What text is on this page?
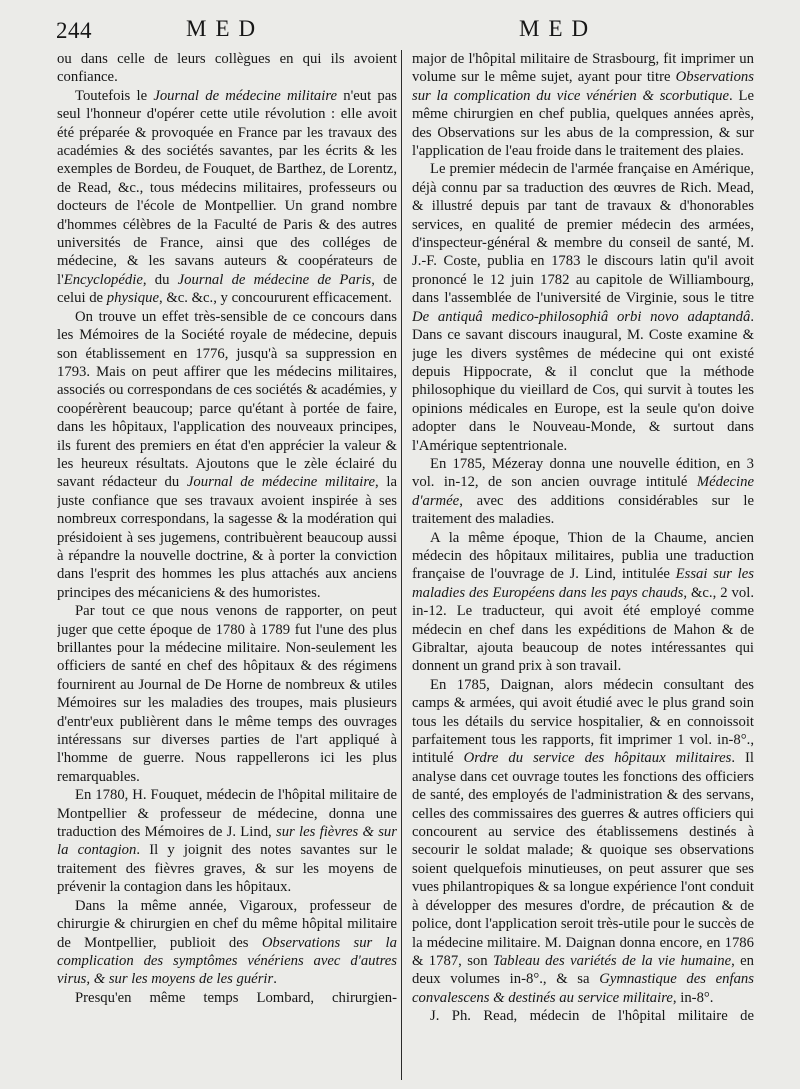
244	MED	MED

ou dans celle de leurs collègues en qui ils avoient confiance.

Toutefois le Journal de médecine militaire n'eut pas seul l'honneur d'opérer cette utile révolution : elle avoit été préparée & provoquée en France par les travaux des académies & des sociétés savantes, par les écrits & les exemples de Bordeu, de Fouquet, de Barthez, de Lorentz, de Read, &c., tous médecins militaires, professeurs ou docteurs de l'école de Montpellier. Un grand nombre d'hommes célèbres de la Faculté de Paris & des autres universités de France, ainsi que des colléges de médecine, & les savans auteurs & coopérateurs de l'Encyclopédie, du Journal de médecine de Paris, de celui de physique, &c. &c., y concoururent efficacement.

On trouve un effet très-sensible de ce concours dans les Mémoires de la Société royale de médecine, depuis son établissement en 1776, jusqu'à sa suppression en 1793. Mais on peut affirer que les médecins militaires, associés ou correspondans de ces sociétés & académies, y coopérèrent beaucoup; parce qu'étant à portée de faire, dans les hôpitaux, l'application des nouveaux principes, ils furent des premiers en état d'en apprécier la valeur & les heureux résultats. Ajoutons que le zèle éclairé du savant rédacteur du Journal de médecine militaire, la juste confiance que ses travaux avoient inspirée à ses nombreux correspondans, la sagesse & la modération qui présidoient à ses jugemens, contribuèrent beaucoup aussi à répandre la nouvelle doctrine, & à porter la conviction dans l'esprit des hommes les plus attachés aux anciens principes des mécaniciens & des humoristes.

Par tout ce que nous venons de rapporter, on peut juger que cette époque de 1780 à 1789 fut l'une des plus brillantes pour la médecine militaire. Non-seulement les officiers de santé en chef des hôpitaux & des régimens fournirent au Journal de De Horne de nombreux & utiles Mémoires sur les maladies des troupes, mais plusieurs d'entr'eux publièrent dans le même temps des ouvrages intéressans sur diverses parties de l'art appliqué à l'homme de guerre. Nous rappellerons ici les plus remarquables.

En 1780, H. Fouquet, médecin de l'hôpital militaire de Montpellier & professeur de médecine, donna une traduction des Mémoires de J. Lind, sur les fièvres & sur la contagion. Il y joignit des notes savantes sur le traitement des fièvres graves, & sur les moyens de prévenir la contagion dans les hôpitaux.

Dans la même année, Vigaroux, professeur de chirurgie & chirurgien en chef du même hôpital militaire de Montpellier, publioit des Observations sur la complication des symptômes vénériens avec d'autres virus, & sur les moyens de les guérir.

Presqu'en même temps Lombard, chirurgien-

major de l'hôpital militaire de Strasbourg, fit imprimer un volume sur le même sujet, ayant pour titre Observations sur la complication du vice vénérien & scorbutique. Le même chirurgien en chef publia, quelques années après, des Observations sur les abus de la compression, & sur l'application de l'eau froide dans le traitement des plaies.

Le premier médecin de l'armée française en Amérique, déjà connu par sa traduction des œuvres de Rich. Mead, & illustré depuis par tant de travaux & d'honorables services, en qualité de premier médecin des armées, d'inspecteur-général & membre du conseil de santé, M. J.-F. Coste, publia en 1783 le discours latin qu'il avoit prononcé le 12 juin 1782 au capitole de Williambourg, dans l'assemblée de l'université de Virginie, sous le titre De antiquâ medico-philosophiâ orbi novo adaptandâ. Dans ce savant discours inaugural, M. Coste examine & juge les divers systêmes de médecine qui ont existé depuis Hippocrate, & il conclut que la méthode philosophique du vieillard de Cos, qui survit à toutes les opinions médicales en Europe, est la seule qu'on doive adopter dans le Nouveau-Monde, & surtout dans l'Amérique septentrionale.

En 1785, Mézeray donna une nouvelle édition, en 3 vol. in-12, de son ancien ouvrage intitulé Médecine d'armée, avec des additions considérables sur le traitement des maladies.

A la même époque, Thion de la Chaume, ancien médecin des hôpitaux militaires, publia une traduction française de l'ouvrage de J. Lind, intitulée Essai sur les maladies des Européens dans les pays chauds, &c., 2 vol. in-12. Le traducteur, qui avoit été employé comme médecin en chef dans les expéditions de Mahon & de Gibraltar, ajouta beaucoup de notes intéressantes qui donnent un grand prix à son travail.

En 1785, Daignan, alors médecin consultant des camps & armées, qui avoit étudié avec le plus grand soin tous les détails du service hospitalier, & en connoissoit parfaitement tous les rapports, fit imprimer 1 vol. in-8°., intitulé Ordre du service des hôpitaux militaires. Il analyse dans cet ouvrage toutes les fonctions des officiers de santé, des employés de l'administration & des servans, celles des commissaires des guerres & autres officiers qui concourent au service des établissemens destinés à secourir le soldat malade; & quoique ses observations soient quelquefois minutieuses, on peut assurer que ses vues philantropiques & sa longue expérience l'ont conduit à développer des mesures d'ordre, de précaution & de police, dont l'application seroit très-utile pour le succès de la médecine militaire. M. Daignan donna encore, en 1786 & 1787, son Tableau des variétés de la vie humaine, en deux volumes in-8°., & sa Gymnastique des enfans convalescens & destinés au service militaire, in-8°.

J. Ph. Read, médecin de l'hôpital militaire de
